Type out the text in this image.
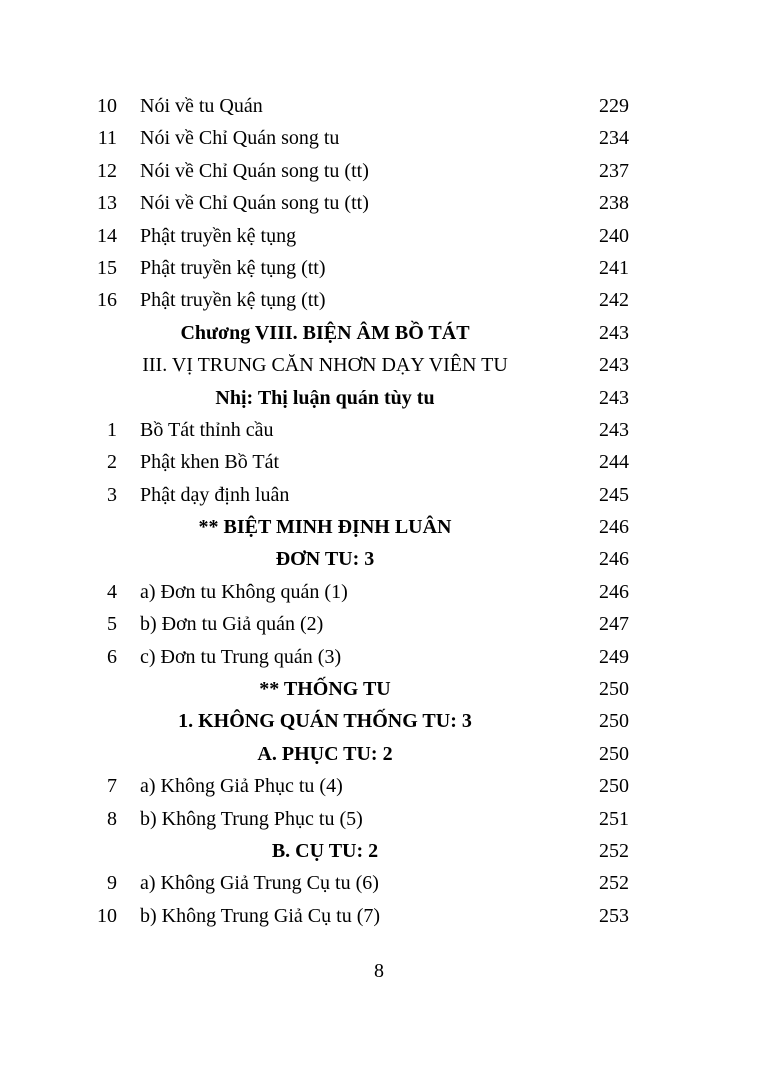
10 Nói về tu Quán	229
11 Nói về Chỉ Quán song tu	234
12 Nói về Chỉ Quán song tu (tt)	237
13 Nói về Chỉ Quán song tu (tt)	238
14 Phật truyền kệ tụng	240
15 Phật truyền kệ tụng (tt)	241
16 Phật truyền kệ tụng (tt)	242
Chương VIII. BIỆN ÂM BỒ TÁT	243
III. VỊ TRUNG CĂN NHƠN DẠY VIÊN TU	243
Nhị: Thị luận quán tùy tu	243
1 Bồ Tát thỉnh cầu	243
2 Phật khen Bồ Tát	244
3 Phật dạy định luân	245
** BIỆT MINH ĐỊNH LUÂN	246
ĐƠN TU: 3	246
4 a) Đơn tu Không quán (1)	246
5 b) Đơn tu Giả quán (2)	247
6 c) Đơn tu Trung quán (3)	249
** THỐNG TU	250
1. KHÔNG QUÁN THỐNG TU: 3	250
A. PHỤC TU: 2	250
7 a) Không Giả Phục tu (4)	250
8 b) Không Trung Phục tu (5)	251
B. CỤ TU: 2	252
9 a) Không Giả Trung Cụ tu (6)	252
10 b) Không Trung Giả Cụ tu (7)	253
8
